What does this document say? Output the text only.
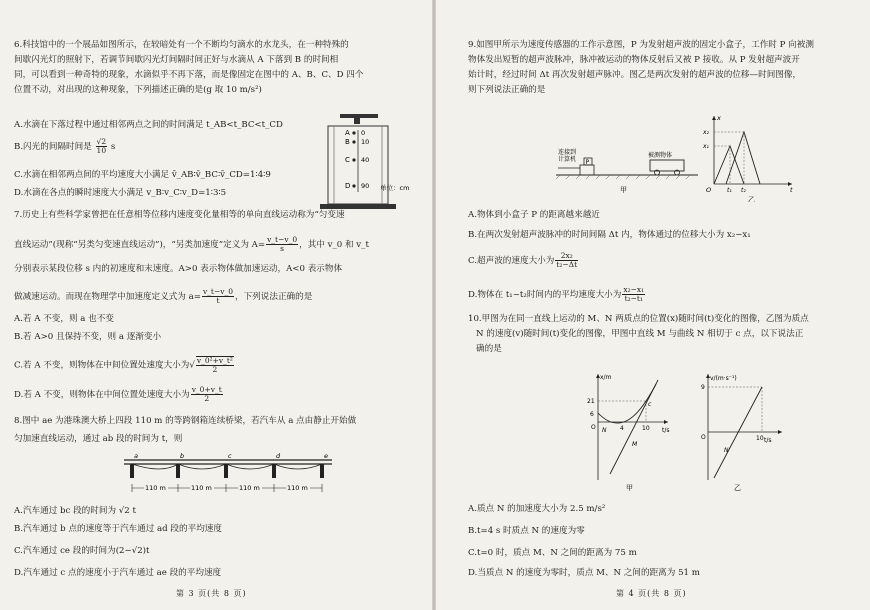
6.科技馆中的一个展品如图所示，在较暗处有一个不断均匀滴水的水龙头，在一种特殊的

间歇闪光灯的照射下，若调节间歇闪光灯间隔时间正好与水滴从 A 下落到 B 的时间相

同，可以看到一种奇特的现象，水滴似乎不再下落，而是像固定在图中的 A、B、C、D 四个

位置不动，对出现的这种现象，下列描述正确的是(g 取 10 m/s²)

A.水滴在下落过程中通过相邻两点之间的时间满足 t_AB<t_BC<t_CD
B.闪光的间隔时间是 $\frac{√2}{10}$ s
C.水滴在相邻两点间的平均速度大小满足 v̄_AB∶v̄_BC∶v̄_CD=1∶4∶9
D.水滴在各点的瞬时速度大小满足 v_B∶v_C∶v_D=1∶3∶5
A
B
C
D
0
10
40
90 单位：cm
7.历史上有些科学家曾把在任意相等位移内速度变化量相等的单向直线运动称为“匀变速
直线运动”(现称“另类匀变速直线运动”)，“另类加速度”定义为 $A= \frac{v\_t-v\_0}{s}$ ，其中 v_0 和 v_t
分别表示某段位移 s 内的初速度和末速度。A>0 表示物体做加速运动，A<0 表示物体
做减速运动。而现在物理学中加速度定义式为 $a= \frac{v\_t-v\_0}{t}$ ，下列说法正确的是
A.若 A 不变，则 a 也不变
B.若 A>0 且保持不变，则 a 逐渐变小
C.若 A 不变，则物体在中间位置处速度大小为√ $\frac{\text{v\_0²+v\_t²}}{2}$
D.若 A 不变，则物体在中间位置处速度大小为 $\frac{v\_0+v\_t}{2}$
8.图中 ae 为港珠澳大桥上四段 110 m 的等跨钢箱连续桥梁，若汽车从 a 点由静止开始做
匀加速直线运动，通过 ab 段的时间为 t，则
a	b	c	d	e
110 m	110 m	110 m	110 m
A.汽车通过 bc 段的时间为 √2 t
B.汽车通过 b 点的速度等于汽车通过 ad 段的平均速度
C.汽车通过 ce 段的时间为(2−√2)t
D.汽车通过 c 点的速度小于汽车通过 ae 段的平均速度
第 3 页(共 8 页)

9.如图甲所示为速度传感器的工作示意图，P 为发射超声波的固定小盒子，工作时 P 向被测

物体发出短暂的超声波脉冲，脉冲被运动的物体反射后又被 P 接收。从 P 发射超声波开

始计时，经过时间 Δt 再次发射超声脉冲。图乙是两次发射的超声波的位移—时间图像，

则下列说法正确的是

连接到
计算机 P
被测物体
甲	t
x
O
x₂
x₁
t₁ t₂
乙
A.物体到小盒子 P 的距离越来越近
B.在两次发射超声波脉冲的时间间隔 Δt 内，物体通过的位移大小为 x₂−x₁
C.超声波的速度大小为 $\frac{\text{2x₂}}{\text{t₂−Δt}}$
D.物体在 t₁~t₂时间内的平均速度大小为 $\frac{\text{x₂−x₁}}{\text{t₂−t₁}}$

10.甲图为在同一直线上运动的 M、N 两质点的位置(x)随时间(t)变化的图像，乙图为质点

N 的速度(v)随时间(t)变化的图像，甲图中直线 M 与曲线 N 相切于 c 点，以下说法正

确的是

x/m
t/s
O
21
6
c
N
M
4	10
甲
v/(m·s⁻¹)
t/s
O
9
N
10
乙
A.质点 N 的加速度大小为 2.5 m/s²
B.t=4 s 时质点 N 的速度为零
C.t=0 时，质点 M、N 之间的距离为 75 m
D.当质点 N 的速度为零时，质点 M、N 之间的距离为 51 m
第 4 页(共 8 页)
